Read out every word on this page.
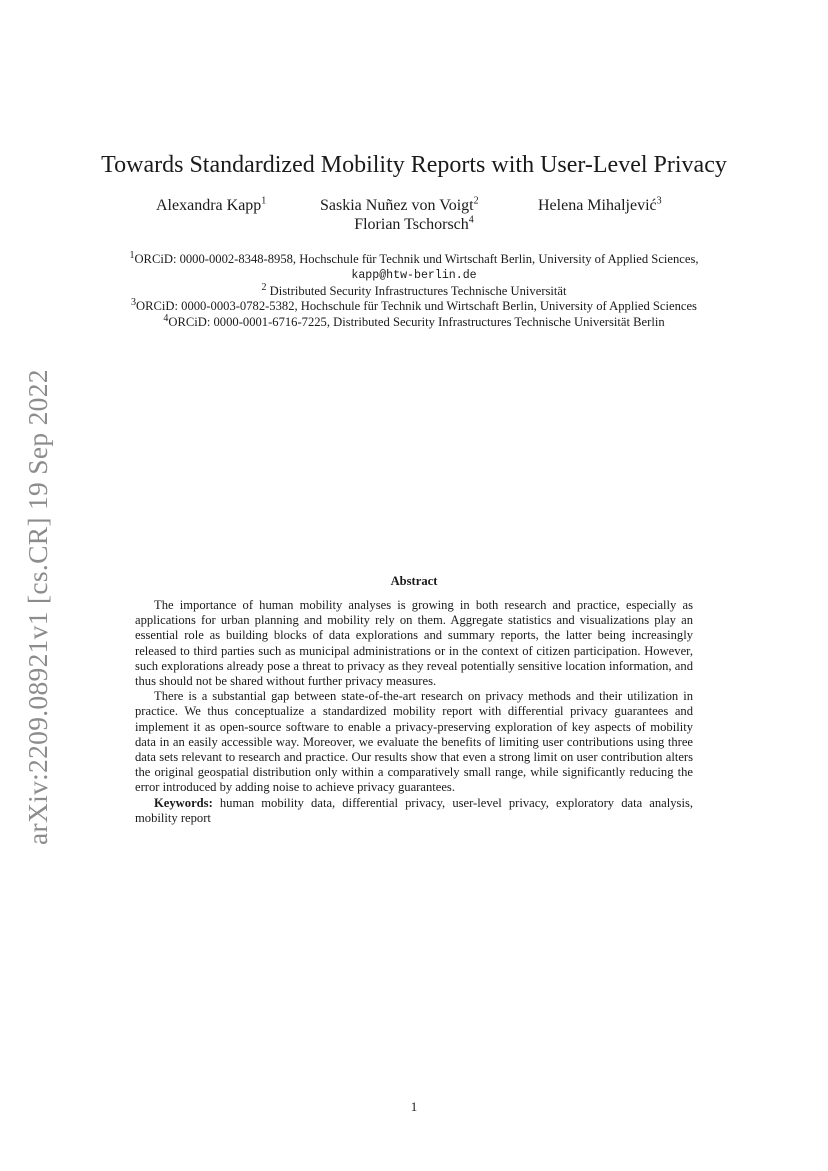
arXiv:2209.08921v1 [cs.CR] 19 Sep 2022
Towards Standardized Mobility Reports with User-Level Privacy
Alexandra Kapp$^1$	Saskia Nuñez von Voigt$^2$	Helena Mihaljević$^3$
Florian Tschorsch$^4$
$^1$ORCiD: 0000-0002-8348-8958, Hochschule für Technik und Wirtschaft Berlin, University of Applied Sciences,
kapp@htw-berlin.de
$^2$ Distributed Security Infrastructures Technische Universität
$^3$ORCiD: 0000-0003-0782-5382, Hochschule für Technik und Wirtschaft Berlin, University of Applied Sciences
$^4$ORCiD: 0000-0001-6716-7225, Distributed Security Infrastructures Technische Universität Berlin
Abstract

The importance of human mobility analyses is growing in both research and practice, especially as applications for urban planning and mobility rely on them. Aggregate statistics and visualizations play an essential role as building blocks of data explorations and summary reports, the latter being increasingly released to third parties such as municipal administrations or in the context of citizen participation. However, such explorations already pose a threat to privacy as they reveal potentially sensitive location information, and thus should not be shared without further privacy measures.

There is a substantial gap between state-of-the-art research on privacy methods and their utilization in practice. We thus conceptualize a standardized mobility report with differential privacy guarantees and implement it as open-source software to enable a privacy-preserving exploration of key aspects of mobility data in an easily accessible way. Moreover, we evaluate the benefits of limiting user contributions using three data sets relevant to research and practice. Our results show that even a strong limit on user contribution alters the original geospatial distribution only within a comparatively small range, while significantly reducing the error introduced by adding noise to achieve privacy guarantees.

Keywords: human mobility data, differential privacy, user-level privacy, exploratory data analysis, mobility report

1
